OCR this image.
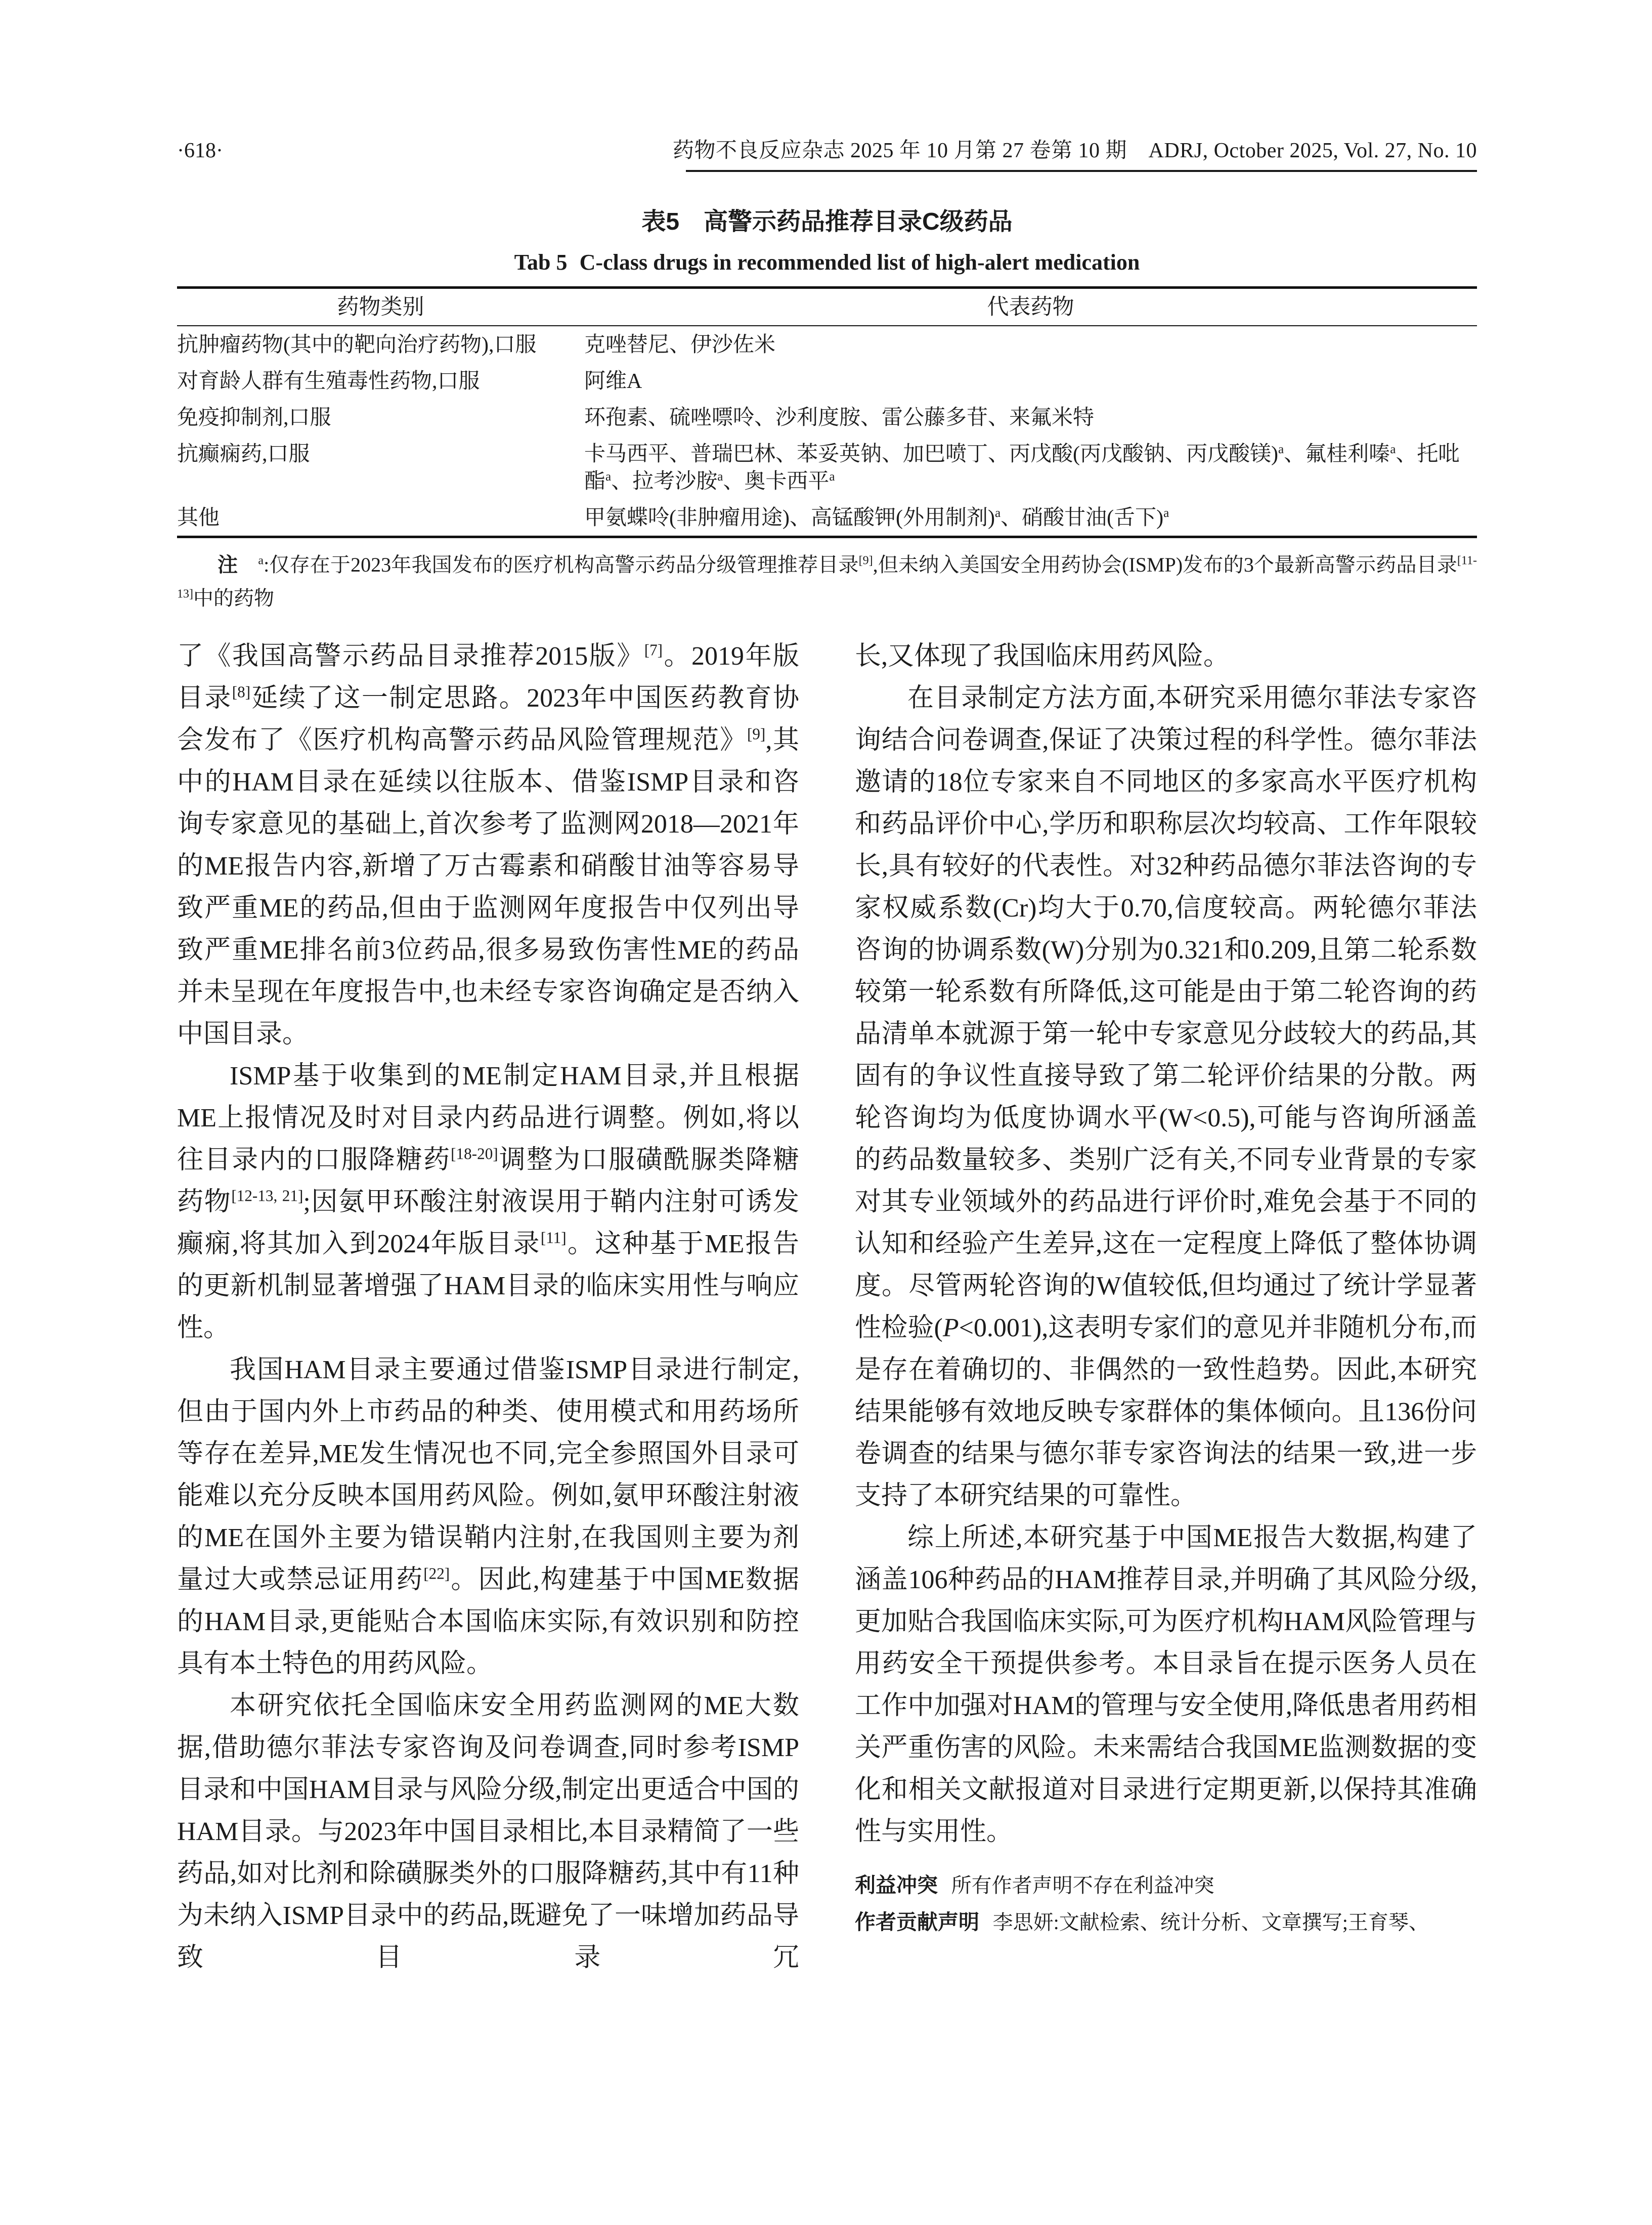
·618·	药物不良反应杂志 2025 年 10 月第 27 卷第 10 期　ADRJ, October 2025, Vol. 27, No. 10
表5　高警示药品推荐目录C级药品
Tab 5 C-class drugs in recommended list of high-alert medication
药物类别	代表药物
抗肿瘤药物(其中的靶向治疗药物),口服	克唑替尼、伊沙佐米
对育龄人群有生殖毒性药物,口服	阿维A
免疫抑制剂,口服	环孢素、硫唑嘌呤、沙利度胺、雷公藤多苷、来氟米特
抗癫痫药,口服	卡马西平、普瑞巴林、苯妥英钠、加巴喷丁、丙戊酸(丙戊酸钠、丙戊酸镁)$^a$、氟桂利嗪$^a$、托吡酯$^a$、拉考沙胺$^a$、奥卡西平$^a$
其他	甲氨蝶呤(非肿瘤用途)、高锰酸钾(外用制剂)$^a$、硝酸甘油(舌下)$^a$
注　 $^a$:仅存在于2023年我国发布的医疗机构高警示药品分级管理推荐目录[9],但未纳入美国安全用药协会(ISMP)发布的3个最新高警示药品目录[11-13]中的药物
了《我国高警示药品目录推荐2015版》[7]。2019年版目录[8]延续了这一制定思路。2023年中国医药教育协会发布了《医疗机构高警示药品风险管理规范》[9],其中的HAM目录在延续以往版本、借鉴ISMP目录和咨询专家意见的基础上,首次参考了监测网2018—2021年的ME报告内容,新增了万古霉素和硝酸甘油等容易导致严重ME的药品,但由于监测网年度报告中仅列出导致严重ME排名前3位药品,很多易致伤害性ME的药品并未呈现在年度报告中,也未经专家咨询确定是否纳入中国目录。
ISMP基于收集到的ME制定HAM目录,并且根据ME上报情况及时对目录内药品进行调整。例如,将以往目录内的口服降糖药[18-20]调整为口服磺酰脲类降糖药物[12-13, 21];因氨甲环酸注射液误用于鞘内注射可诱发癫痫,将其加入到2024年版目录[11]。这种基于ME报告的更新机制显著增强了HAM目录的临床实用性与响应性。
我国HAM目录主要通过借鉴ISMP目录进行制定,但由于国内外上市药品的种类、使用模式和用药场所等存在差异,ME发生情况也不同,完全参照国外目录可能难以充分反映本国用药风险。例如,氨甲环酸注射液的ME在国外主要为错误鞘内注射,在我国则主要为剂量过大或禁忌证用药[22]。因此,构建基于中国ME数据的HAM目录,更能贴合本国临床实际,有效识别和防控具有本土特色的用药风险。
本研究依托全国临床安全用药监测网的ME大数据,借助德尔菲法专家咨询及问卷调查,同时参考ISMP目录和中国HAM目录与风险分级,制定出更适合中国的HAM目录。与2023年中国目录相比,本目录精简了一些药品,如对比剂和除磺脲类外的口服降糖药,其中有11种为未纳入ISMP目录中的药品,既避免了一味增加药品导致目录冗
长,又体现了我国临床用药风险。
在目录制定方法方面,本研究采用德尔菲法专家咨询结合问卷调查,保证了决策过程的科学性。德尔菲法邀请的18位专家来自不同地区的多家高水平医疗机构和药品评价中心,学历和职称层次均较高、工作年限较长,具有较好的代表性。对32种药品德尔菲法咨询的专家权威系数(Cr)均大于0.70,信度较高。两轮德尔菲法咨询的协调系数(W)分别为0.321和0.209,且第二轮系数较第一轮系数有所降低,这可能是由于第二轮咨询的药品清单本就源于第一轮中专家意见分歧较大的药品,其固有的争议性直接导致了第二轮评价结果的分散。两轮咨询均为低度协调水平(W<0.5),可能与咨询所涵盖的药品数量较多、类别广泛有关,不同专业背景的专家对其专业领域外的药品进行评价时,难免会基于不同的认知和经验产生差异,这在一定程度上降低了整体协调度。尽管两轮咨询的W值较低,但均通过了统计学显著性检验(P<0.001),这表明专家们的意见并非随机分布,而是存在着确切的、非偶然的一致性趋势。因此,本研究结果能够有效地反映专家群体的集体倾向。且136份问卷调查的结果与德尔菲专家咨询法的结果一致,进一步支持了本研究结果的可靠性。
综上所述,本研究基于中国ME报告大数据,构建了涵盖106种药品的HAM推荐目录,并明确了其风险分级,更加贴合我国临床实际,可为医疗机构HAM风险管理与用药安全干预提供参考。本目录旨在提示医务人员在工作中加强对HAM的管理与安全使用,降低患者用药相关严重伤害的风险。未来需结合我国ME监测数据的变化和相关文献报道对目录进行定期更新,以保持其准确性与实用性。
利益冲突 所有作者声明不存在利益冲突
作者贡献声明 李思妍:文献检索、统计分析、文章撰写;王育琴、
